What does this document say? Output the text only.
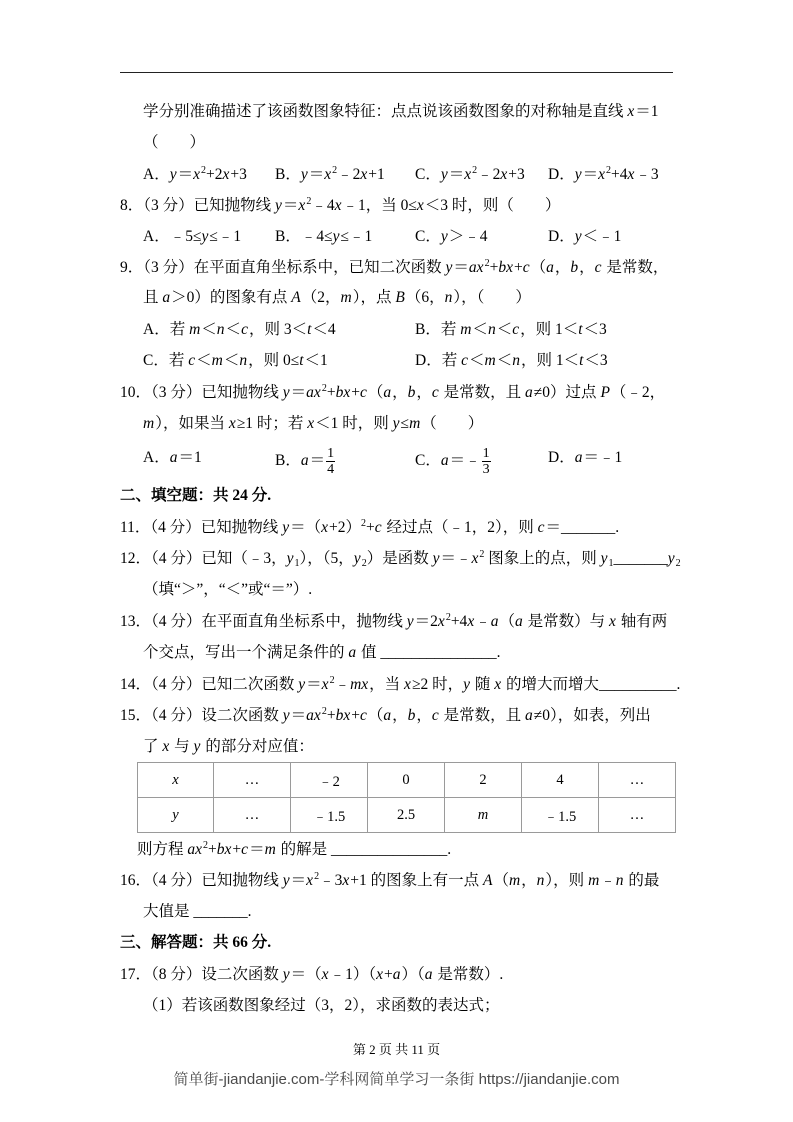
x	…	﹣2	0	2	4	…
y	…	﹣1.5	2.5	m	﹣1.5	…
第 2 页 共 11 页
简单街-jiandanjie.com-学科网简单学习一条街 https://jiandanjie.com
学分别准确描述了该函数图象特征：点点说该函数图象的对称轴是直线 x＝1
（　　）
A．$y=x^2+2x+3$ B．$y=x^2﹣2x+1$ C．$y=x^2﹣2x+3$ D．$y=x^2+4x﹣3$
8．（3 分）已知抛物线 $y=x^2﹣4x﹣1$，当 0≤x＜3 时，则（　　）
A．﹣5≤y≤﹣1 B．﹣4≤y≤﹣1	C．y＞﹣4	D．y＜﹣1
9．（3 分）在平面直角坐标系中，已知二次函数 $y=ax^2+bx+c(a$，b，c 是常数，
且 a＞0）的图象有点 A（2，m），点 B（6，n），（　　）
A．若 m＜n＜c，则 3＜t＜4	B．若 m＜n＜c，则 1＜t＜3
C．若 c＜m＜n，则 0≤t＜1	D．若 c＜m＜n，则 1＜t＜3
10．（3 分）已知抛物线 $y=ax^2+bx+c(a$，b，c 是常数，且 a≠0）过点 P（﹣2，
m），如果当 x≥1 时；若 x＜1 时，则 y≤m（　　）
A．a＝1	B．$a= \frac{1}{4}$	C．a＝﹣ $\frac{1}{3}$	D．a＝﹣1
二、填空题：共 24 分.
11．（4 分）已知抛物线 $y=(x+2)^2+c$ 经过点（﹣1，2），则 c＝_______.
12．（4 分）已知（﹣3，y1），（5，y2）是函数 $y=﹣x^2$ 图象上的点，则 y1_______y2
（填“＞”，“＜”或“＝”）.
13．（4 分）在平面直角坐标系中，抛物线 $y=2x^2+4x﹣a(a$ 是常数）与 x 轴有两
个交点，写出一个满足条件的 a 值 _______________.
14．（4 分）已知二次函数 $y=x^2﹣mx$，当 x≥2 时，y 随 x 的增大而增大__________.
15．（4 分）设二次函数 $y=ax^2+bx+c(a$，b，c 是常数，且 a≠0），如表，列出
了 x 与 y 的部分对应值：
则方程 $ax^2+bx+c=m$ 的解是 _______________.
16．（4 分）已知抛物线 $y=x^2﹣3x+1$ 的图象上有一点 A（m，n），则 m﹣n 的最
大值是 _______.
三、解答题：共 66 分.
17．（8 分）设二次函数 y＝（x﹣1）（x+a）（a 是常数）.
（1）若该函数图象经过（3，2），求函数的表达式；
